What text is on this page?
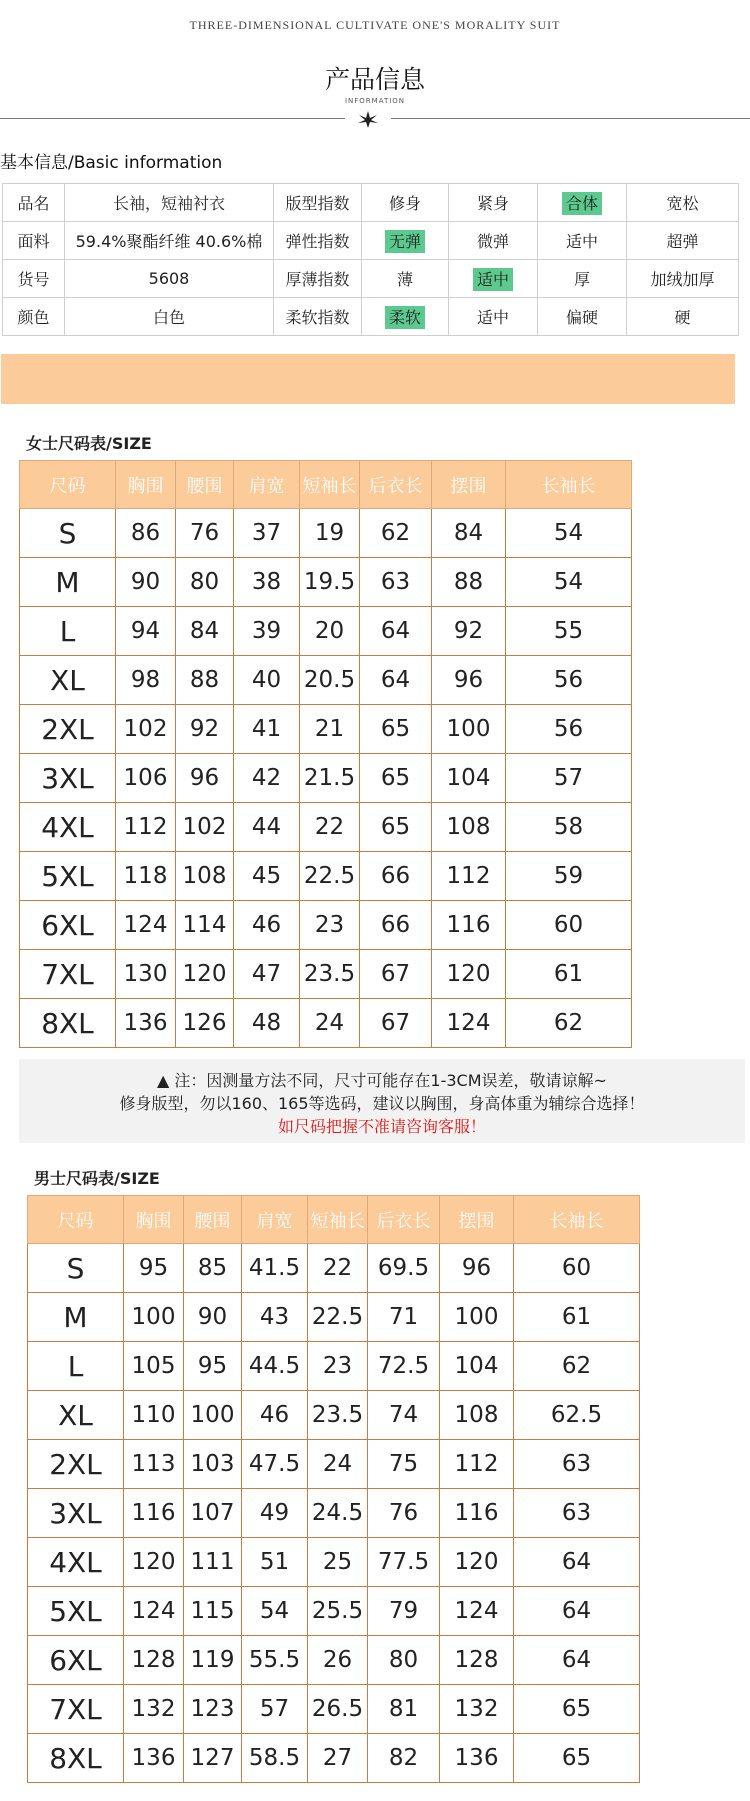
THREE-DIMENSIONAL CULTIVATE ONE'S MORALITY SUIT
产品信息
INFORMATION
基本信息/Basic information
品名	长袖，短袖衬衣	版型指数	修身	紧身	合体	宽松
面料	59.4%聚酯纤维 40.6%棉	弹性指数	无弹	微弹	适中	超弹
货号	5608	厚薄指数	薄	适中	厚	加绒加厚
颜色	白色	柔软指数	柔软	适中	偏硬	硬
女士尺码表/SIZE
尺码	胸围	腰围	肩宽	短袖长	后衣长	摆围	长袖长
S	86	76	37	19	62	84	54
M	90	80	38	19.5	63	88	54
L	94	84	39	20	64	92	55
XL	98	88	40	20.5	64	96	56
2XL	102	92	41	21	65	100	56
3XL	106	96	42	21.5	65	104	57
4XL	112	102	44	22	65	108	58
5XL	118	108	45	22.5	66	112	59
6XL	124	114	46	23	66	116	60
7XL	130	120	47	23.5	67	120	61
8XL	136	126	48	24	67	124	62
▲ 注：因测量方法不同，尺寸可能存在1-3CM误差，敬请谅解~
修身版型，勿以160、165等选码，建议以胸围，身高体重为辅综合选择！
如尺码把握不准请咨询客服！
男士尺码表/SIZE
尺码	胸围	腰围	肩宽	短袖长	后衣长	摆围	长袖长
S	95	85	41.5	22	69.5	96	60
M	100	90	43	22.5	71	100	61
L	105	95	44.5	23	72.5	104	62
XL	110	100	46	23.5	74	108	62.5
2XL	113	103	47.5	24	75	112	63
3XL	116	107	49	24.5	76	116	63
4XL	120	111	51	25	77.5	120	64
5XL	124	115	54	25.5	79	124	64
6XL	128	119	55.5	26	80	128	64
7XL	132	123	57	26.5	81	132	65
8XL	136	127	58.5	27	82	136	65
